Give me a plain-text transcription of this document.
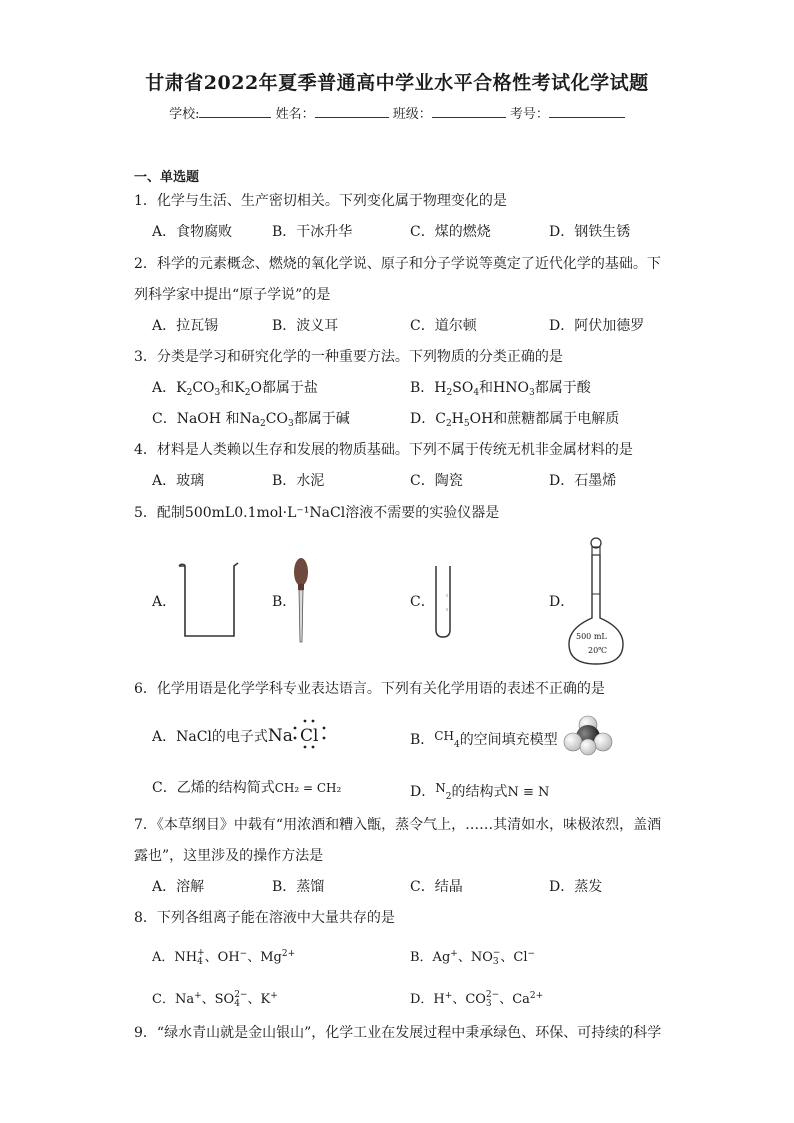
甘肃省2022年夏季普通高中学业水平合格性考试化学试题
学校:	姓名：	班级：	考号：
一、单选题
1．化学与生活、生产密切相关。下列变化属于物理变化的是
A．食物腐败	B．干冰升华	C．煤的燃烧	D．钢铁生锈
2．科学的元素概念、燃烧的氧化学说、原子和分子学说等奠定了近代化学的基础。下
列科学家中提出“原子学说”的是
A．拉瓦锡	B．波义耳	C．道尔顿	D．阿伏加德罗
3．分类是学习和研究化学的一种重要方法。下列物质的分类正确的是
A．$K_2CO_3$和$K_2O$都属于盐	B．$H_2SO_4$和$HNO_3$都属于酸
C．NaOH 和$Na_2CO_3$都属于碱	D．$C_2H_5OH$和蔗糖都属于电解质
4．材料是人类赖以生存和发展的物质基础。下列不属于传统无机非金属材料的是
A．玻璃	B．水泥	C．陶瓷	D．石墨烯
5．配制500mL0.1mol·L⁻¹NaCl溶液不需要的实验仪器是
A．	B．	C．	D．
500 mL
20℃
6．化学用语是化学学科专业表达语言。下列有关化学用语的表述不正确的是
A．NaCl的电子式Na Cl	B．$CH_4$的空间填充模型
C．乙烯的结构简式CH₂ = CH₂	D．$N_2$的结构式N ≡ N
7．《本草纲目》中载有“用浓酒和糟入甑，蒸令气上，……其清如水，味极浓烈，盖酒
露也”，这里涉及的操作方法是
A．溶解	B．蒸馏	C．结晶	D．蒸发
8．下列各组离子能在溶液中大量共存的是
A．NH +
4 、OH−、$Mg^{2+}$	B．Ag+、NO −
3 、Cl−
C．Na+、SO 2−
4 、K+	D．H+、CO 2−
3 、$Ca^{2+}$
9．“绿水青山就是金山银山”，化学工业在发展过程中秉承绿色、环保、可持续的科学
